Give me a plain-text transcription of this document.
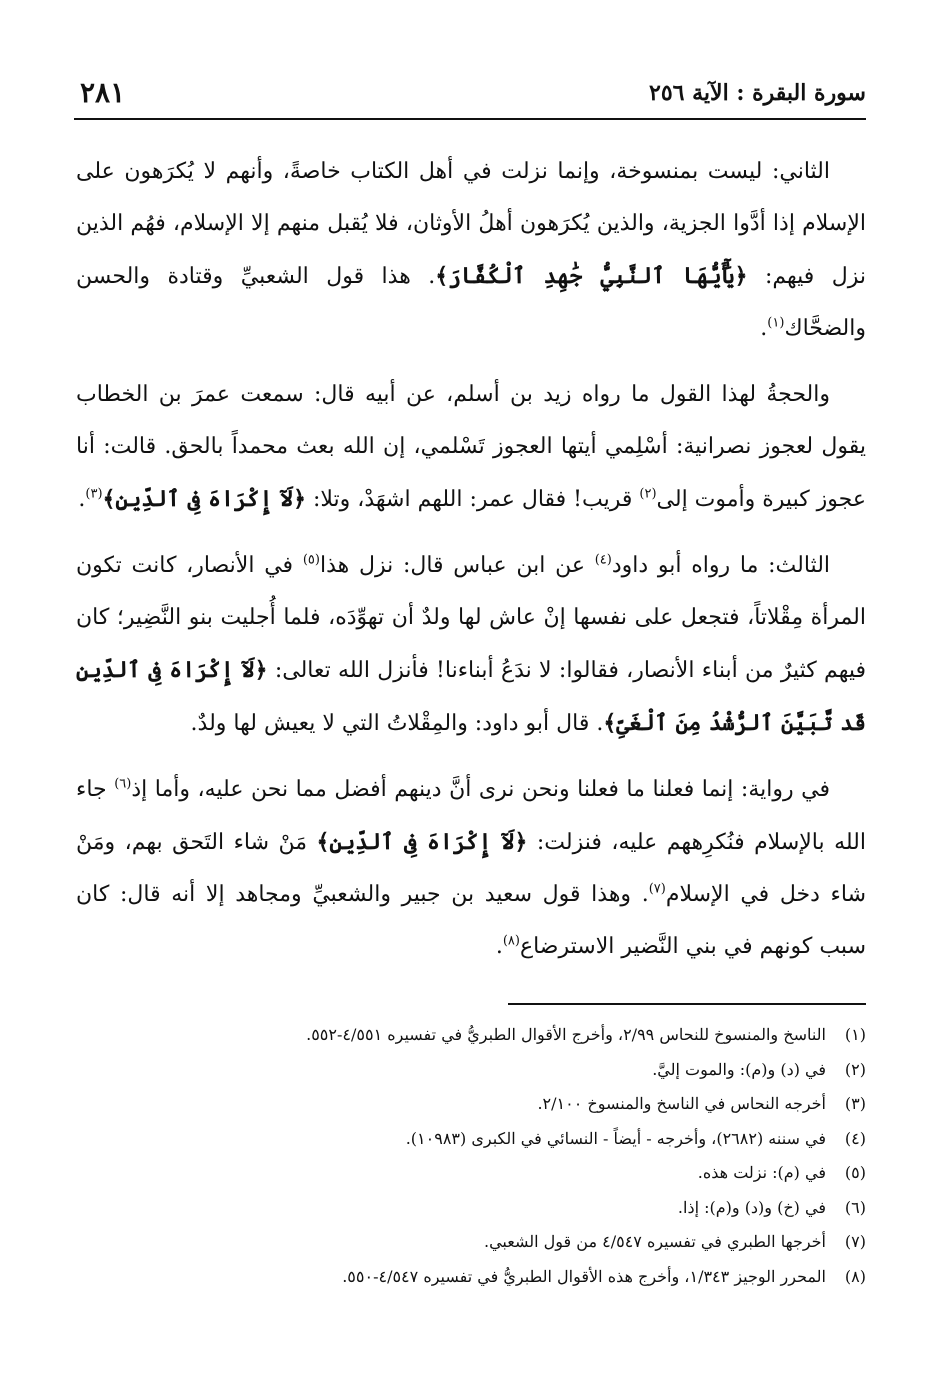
٢٨١	سورة البقرة : الآية ٢٥٦

الثاني: ليست بمنسوخة، وإنما نزلت في أهل الكتاب خاصةً، وأنهم لا يُكرَهون على الإسلام إذا أدَّوا الجزية، والذين يُكرَهون أهلُ الأوثان، فلا يُقبل منهم إلا الإسلام، فهُم الذين نزل فيهم: ﴿يَٰٓأَيُّهَا ٱلنَّبِيُّ جَٰهِدِ ٱلْكُفَّارَ﴾. هذا قول الشعبيِّ وقتادة والحسن والضحَّاك$^{(١)}$.

والحجةُ لهذا القول ما رواه زيد بن أسلم، عن أبيه قال: سمعت عمرَ بن الخطاب يقول لعجوز نصرانية: أسْلِمي أيتها العجوز تَسْلمي، إن الله بعث محمداً بالحق. قالت: أنا عجوز كبيرة وأموت إلى$^{(٢)}$ قريب! فقال عمر: اللهم اشهَدْ، وتلا: ﴿لَآ إِكْرَاهَ فِى ٱلدِّينِ﴾$^{(٣)}$.

الثالث: ما رواه أبو داود$^{(٤)}$ عن ابن عباس قال: نزل هذا$^{(٥)}$ في الأنصار، كانت تكون المرأة مِقْلاتاً، فتجعل على نفسها إنْ عاش لها ولدٌ أن تهوِّدَه، فلما أُجليت بنو النَّضِير؛ كان فيهم كثيرٌ من أبناء الأنصار، فقالوا: لا ندَعُ أبناءنا! فأنزل الله تعالى: ﴿لَآ إِكْرَاهَ فِى ٱلدِّينِ قَد تَّبَيَّنَ ٱلرُّشْدُ مِنَ ٱلْغَىِّ﴾. قال أبو داود: والمِقْلاتُ التي لا يعيش لها ولدٌ.

في رواية: إنما فعلنا ما فعلنا ونحن نرى أنَّ دينهم أفضل مما نحن عليه، وأما إذ$^{(٦)}$ جاء الله بالإسلام فنُكرِههم عليه، فنزلت: ﴿لَآ إِكْرَاهَ فِى ٱلدِّينِ﴾ مَنْ شاء التَحق بهم، ومَنْ شاء دخل في الإسلام$^{(٧)}$. وهذا قول سعيد بن جبير والشعبيِّ ومجاهد إلا أنه قال: كان سبب كونهم في بني النَّضير الاسترضاع$^{(٨)}$.

(١)
الناسخ والمنسوخ للنحاس ٢/٩٩، وأخرج الأقوال الطبريُّ في تفسيره ٤/٥٥١-٥٥٢.
(٢)
في (د) و(م): والموت إليَّ.
(٣)
أخرجه النحاس في الناسخ والمنسوخ ٢/١٠٠.
(٤)
في سننه (٢٦٨٢)، وأخرجه - أيضاً - النسائي في الكبرى (١٠٩٨٣).
(٥)
في (م): نزلت هذه.
(٦)
في (خ) و(د) و(م): إذا.
(٧)
أخرجها الطبري في تفسيره ٤/٥٤٧ من قول الشعبي.
(٨)
المحرر الوجيز ١/٣٤٣، وأخرج هذه الأقوال الطبريُّ في تفسيره ٤/٥٤٧-٥٥٠.
